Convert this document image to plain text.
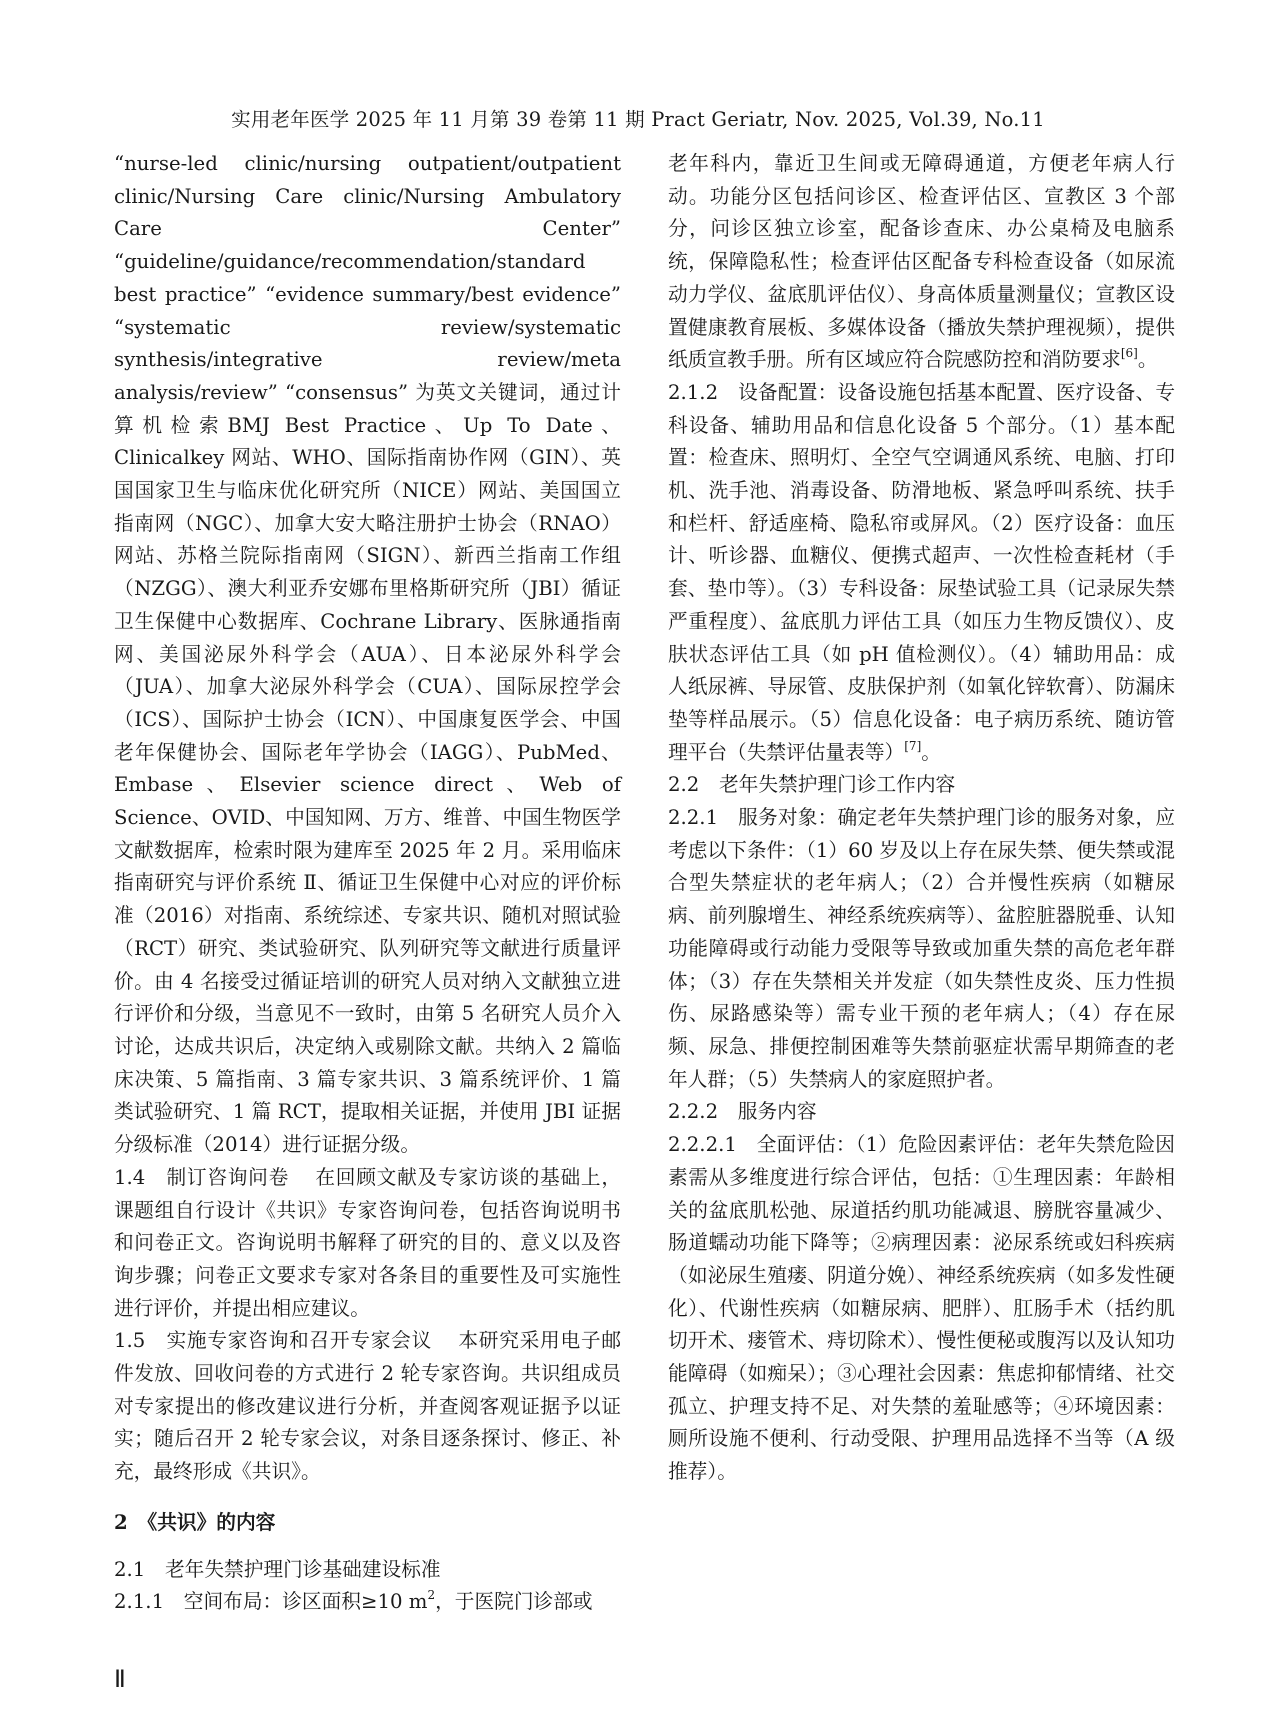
实用老年医学 2025 年 11 月第 39 卷第 11 期 Pract Geriatr, Nov. 2025, Vol.39, No.11

“nurse-led clinic/nursing outpatient/outpatient clinic/Nursing Care clinic/Nursing Ambulatory Care Center” “guideline/guidance/recommendation/standard best practice” “evidence summary/best evidence” “systematic review/systematic synthesis/integrative review/meta analysis/review” “consensus” 为英文关键词，通过计算机检索BMJ Best Practice、Up To Date、Clinicalkey 网站、WHO、国际指南协作网（GIN）、英国国家卫生与临床优化研究所（NICE）网站、美国国立指南网（NGC）、加拿大安大略注册护士协会（RNAO）网站、苏格兰院际指南网（SIGN）、新西兰指南工作组（NZGG）、澳大利亚乔安娜布里格斯研究所（JBI）循证卫生保健中心数据库、Cochrane Library、医脉通指南网、美国泌尿外科学会（AUA）、日本泌尿外科学会（JUA）、加拿大泌尿外科学会（CUA）、国际尿控学会（ICS）、国际护士协会（ICN）、中国康复医学会、中国老年保健协会、国际老年学协会（IAGG）、PubMed、Embase、Elsevier science direct、Web of Science、OVID、中国知网、万方、维普、中国生物医学文献数据库，检索时限为建库至 2025 年 2 月。采用临床指南研究与评价系统 Ⅱ、循证卫生保健中心对应的评价标准（2016）对指南、系统综述、专家共识、随机对照试验（RCT）研究、类试验研究、队列研究等文献进行质量评价。由 4 名接受过循证培训的研究人员对纳入文献独立进行评价和分级，当意见不一致时，由第 5 名研究人员介入讨论，达成共识后，决定纳入或剔除文献。共纳入 2 篇临床决策、5 篇指南、3 篇专家共识、3 篇系统评价、1 篇类试验研究、1 篇 RCT，提取相关证据，并使用 JBI 证据分级标准（2014）进行证据分级。

1.4　制订咨询问卷 在回顾文献及专家访谈的基础上，课题组自行设计《共识》专家咨询问卷，包括咨询说明书和问卷正文。咨询说明书解释了研究的目的、意义以及咨询步骤；问卷正文要求专家对各条目的重要性及可实施性进行评价，并提出相应建议。

1.5　实施专家咨询和召开专家会议 本研究采用电子邮件发放、回收问卷的方式进行 2 轮专家咨询。共识组成员对专家提出的修改建议进行分析，并查阅客观证据予以证实；随后召开 2 轮专家会议，对条目逐条探讨、修正、补充，最终形成《共识》。

2　《共识》的内容

2.1　老年失禁护理门诊基础建设标准

2.1.1　空间布局：诊区面积≥10 $m^2$，于医院门诊部或

老年科内，靠近卫生间或无障碍通道，方便老年病人行动。功能分区包括问诊区、检查评估区、宣教区 3 个部分，问诊区独立诊室，配备诊查床、办公桌椅及电脑系统，保障隐私性；检查评估区配备专科检查设备（如尿流动力学仪、盆底肌评估仪）、身高体质量测量仪；宣教区设置健康教育展板、多媒体设备（播放失禁护理视频），提供纸质宣教手册。所有区域应符合院感防控和消防要求[6]。

2.1.2　设备配置：设备设施包括基本配置、医疗设备、专科设备、辅助用品和信息化设备 5 个部分。（1）基本配置：检查床、照明灯、全空气空调通风系统、电脑、打印机、洗手池、消毒设备、防滑地板、紧急呼叫系统、扶手和栏杆、舒适座椅、隐私帘或屏风。（2）医疗设备：血压计、听诊器、血糖仪、便携式超声、一次性检查耗材（手套、垫巾等）。（3）专科设备：尿垫试验工具（记录尿失禁严重程度）、盆底肌力评估工具（如压力生物反馈仪）、皮肤状态评估工具（如 pH 值检测仪）。（4）辅助用品：成人纸尿裤、导尿管、皮肤保护剂（如氧化锌软膏）、防漏床垫等样品展示。（5）信息化设备：电子病历系统、随访管理平台（失禁评估量表等）[7]。

2.2　老年失禁护理门诊工作内容

2.2.1　服务对象：确定老年失禁护理门诊的服务对象，应考虑以下条件：（1）60 岁及以上存在尿失禁、便失禁或混合型失禁症状的老年病人；（2）合并慢性疾病（如糖尿病、前列腺增生、神经系统疾病等）、盆腔脏器脱垂、认知功能障碍或行动能力受限等导致或加重失禁的高危老年群体；（3）存在失禁相关并发症（如失禁性皮炎、压力性损伤、尿路感染等）需专业干预的老年病人；（4）存在尿频、尿急、排便控制困难等失禁前驱症状需早期筛查的老年人群；（5）失禁病人的家庭照护者。

2.2.2　服务内容

2.2.2.1　全面评估：（1）危险因素评估：老年失禁危险因素需从多维度进行综合评估，包括：①生理因素：年龄相关的盆底肌松弛、尿道括约肌功能减退、膀胱容量减少、肠道蠕动功能下降等；②病理因素：泌尿系统或妇科疾病（如泌尿生殖瘘、阴道分娩）、神经系统疾病（如多发性硬化）、代谢性疾病（如糖尿病、肥胖）、肛肠手术（括约肌切开术、瘘管术、痔切除术）、慢性便秘或腹泻以及认知功能障碍（如痴呆）；③心理社会因素：焦虑抑郁情绪、社交孤立、护理支持不足、对失禁的羞耻感等；④环境因素：厕所设施不便利、行动受限、护理用品选择不当等（A 级推荐）。

Ⅱ
